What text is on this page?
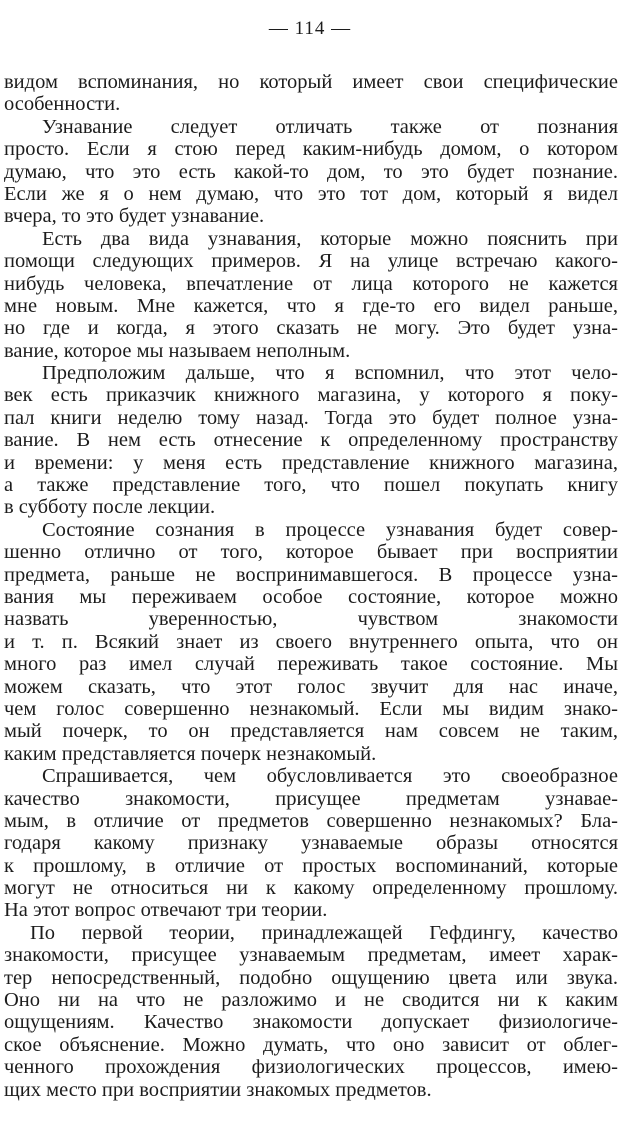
— 114 —
видом вспоминания, но который имеет свои специфические
особенности.
Узнавание следует отличать также от познания
просто. Если я стою перед каким-нибудь домом, о котором
думаю, что это есть какой-то дом, то это будет познание.
Если же я о нем думаю, что это тот дом, который я видел
вчера, то это будет узнавание.
Есть два вида узнавания, которые можно пояснить при
помощи следующих примеров. Я на улице встречаю какого-
нибудь человека, впечатление от лица которого не кажется
мне новым. Мне кажется, что я где-то его видел раньше,
но где и когда, я этого сказать не могу. Это будет узна-
вание, которое мы называем неполным.
Предположим дальше, что я вспомнил, что этот чело-
век есть приказчик книжного магазина, у которого я поку-
пал книги неделю тому назад. Тогда это будет полное узна-
вание. В нем есть отнесение к определенному пространству
и времени: у меня есть представление книжного магазина,
а также представление того, что пошел покупать книгу
в субботу после лекции.
Состояние сознания в процессе узнавания будет совер-
шенно отлично от того, которое бывает при восприятии
предмета, раньше не воспринимавшегося. В процессе узна-
вания мы переживаем особое состояние, которое можно
назвать уверенностью, чувством знакомости
и т. п. Всякий знает из своего внутреннего опыта, что он
много раз имел случай переживать такое состояние. Мы
можем сказать, что этот голос звучит для нас иначе,
чем голос совершенно незнакомый. Если мы видим знако-
мый почерк, то он представляется нам совсем не таким,
каким представляется почерк незнакомый.
Спрашивается, чем обусловливается это своеобразное
качество знакомости, присущее предметам узнавае-
мым, в отличие от предметов совершенно незнакомых? Бла-
годаря какому признаку узнаваемые образы относятся
к прошлому, в отличие от простых воспоминаний, которые
могут не относиться ни к какому определенному прошлому.
На этот вопрос отвечают три теории.
По первой теории, принадлежащей Гефдингу, качество
знакомости, присущее узнаваемым предметам, имеет харак-
тер непосредственный, подобно ощущению цвета или звука.
Оно ни на что не разложимо и не сводится ни к каким
ощущениям. Качество знакомости допускает физиологиче-
ское объяснение. Можно думать, что оно зависит от облег-
ченного прохождения физиологических процессов, имею-
щих место при восприятии знакомых предметов.
